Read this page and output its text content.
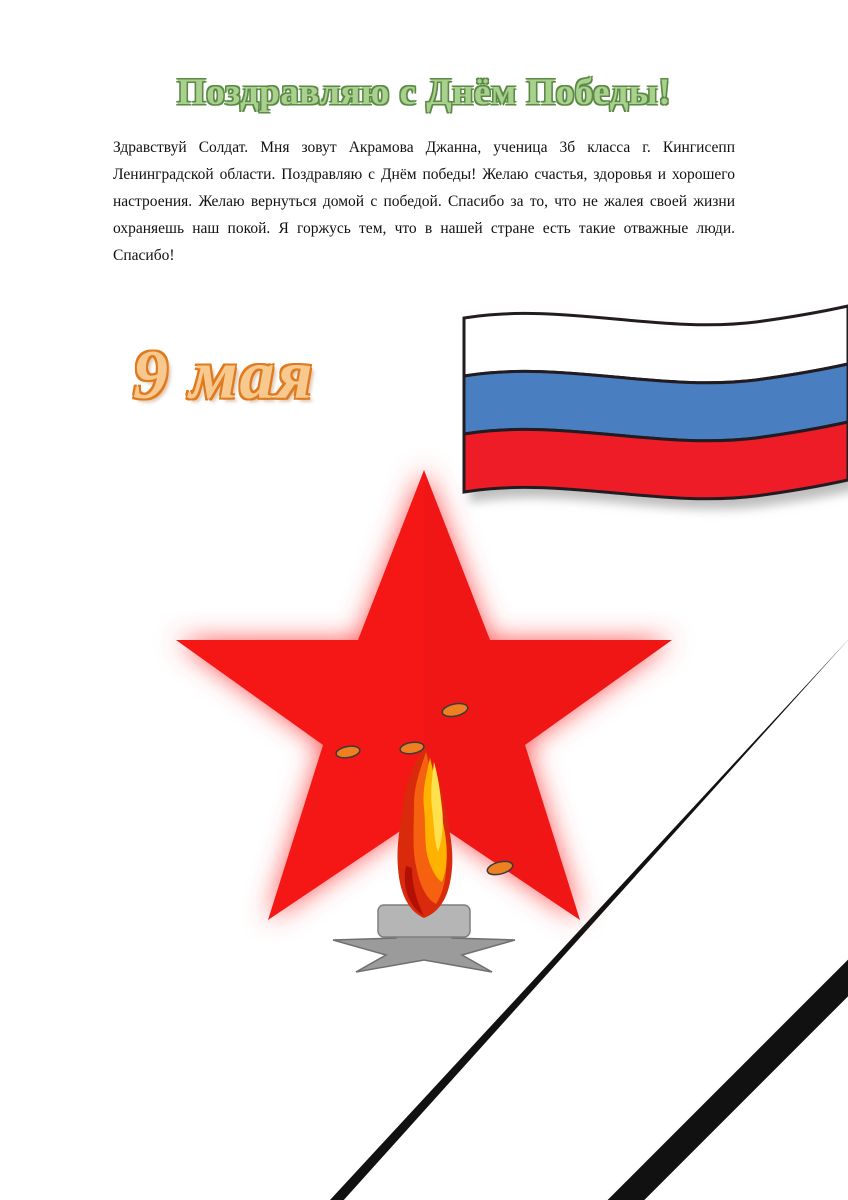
Поздравляю с Днём Победы!

Здравствуй Солдат. Мня зовут Акрамова Джанна, ученица 3б класса г. Кингисепп Ленинградской области. Поздравляю с Днём победы! Желаю счастья, здоровья и хорошего настроения. Желаю вернуться домой с победой. Спасибо за то, что не жалея своей жизни охраняешь наш покой. Я горжусь тем, что в нашей стране есть такие отважные люди. Спасибо!

9 мая
